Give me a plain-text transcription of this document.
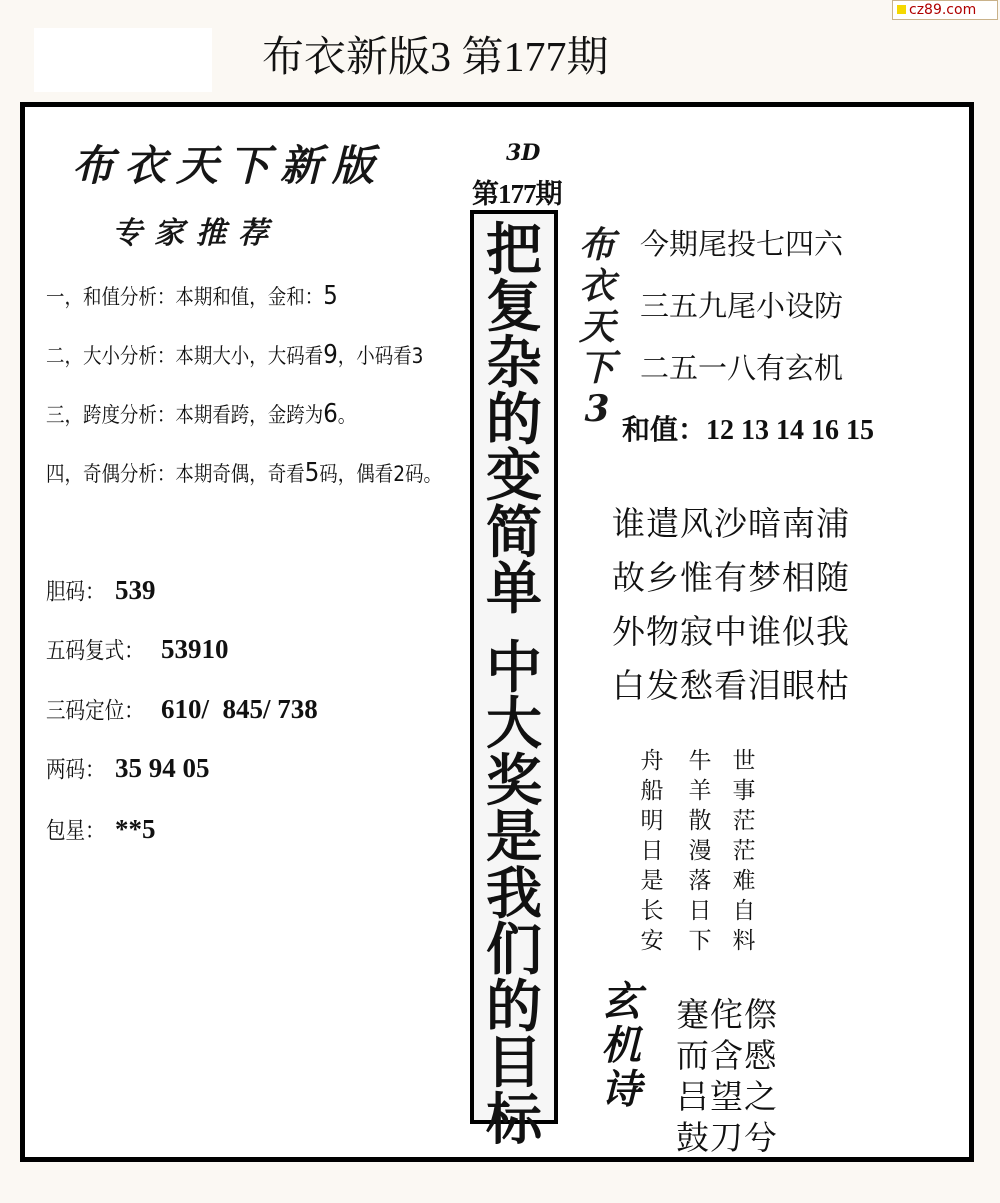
布衣新版3 第177期
cz89.com
布衣天下新版
专家推荐
一，和值分析：本期和值，金和：5
二，大小分析：本期大小，大码看9，小码看3
三，跨度分析：本期看跨，金跨为6。
四，奇偶分析：本期奇偶，奇看5码，偶看2码。
胆码： 539
五码复式： 53910
三码定位： 610/  845/ 738
两码： 35 94 05
包星： **5
3D
第177期
把
复
杂
的
变
简
单
中
大
奖
是
我
们
的
目
标
布
衣
天
下
3
今期尾投七四六
三五九尾小设防
二五一八有玄机
和值：12 13 14 16 15
谁遣风沙暗南浦
故乡惟有梦相随
外物寂中谁似我
白发愁看泪眼枯
舟
船
明
日
是
长
安
牛
羊
散
漫
落
日
下
世
事
茫
茫
难
自
料
玄
机
诗
蹇侘傺
而含慼
吕望之
鼓刀兮
